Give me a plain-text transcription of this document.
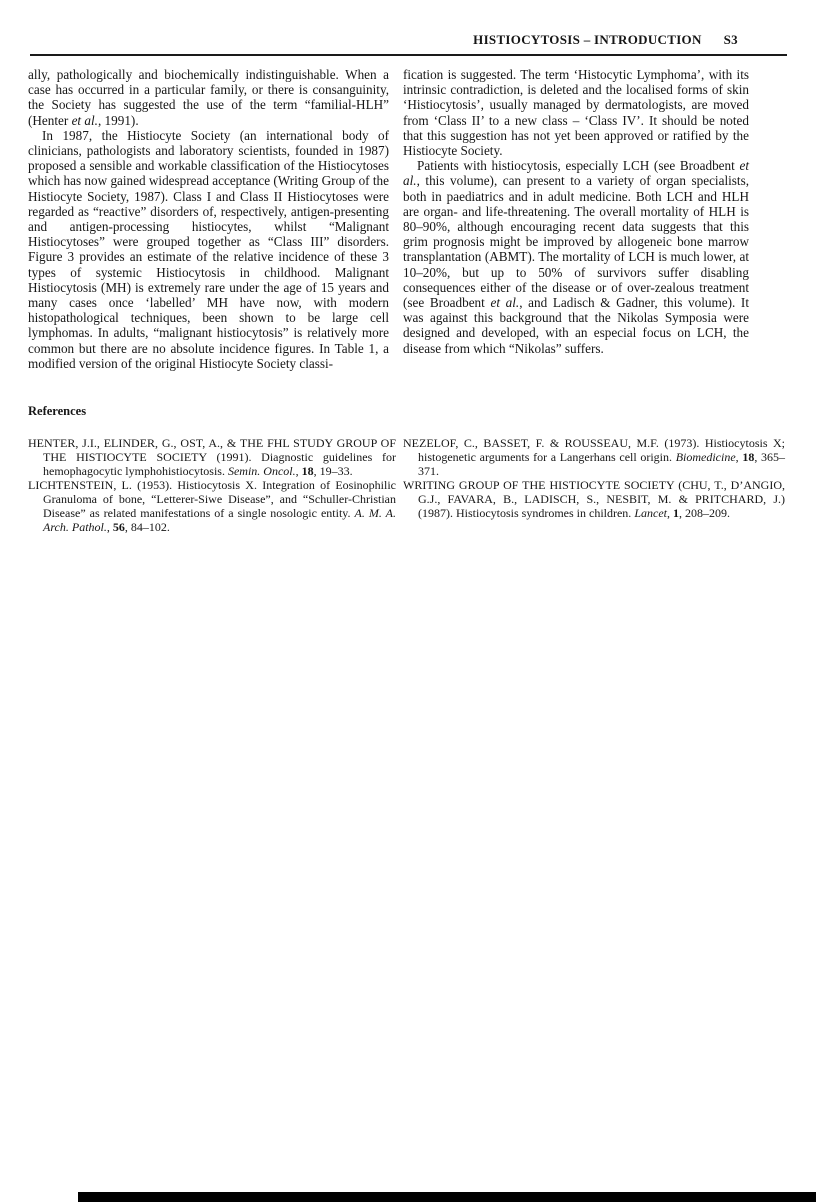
HISTIOCYTOSIS – INTRODUCTION S3

ally, pathologically and biochemically indistinguishable. When a case has occurred in a particular family, or there is consanguinity, the Society has suggested the use of the term “familial-HLH” (Henter et al., 1991).

In 1987, the Histiocyte Society (an international body of clinicians, pathologists and laboratory scientists, founded in 1987) proposed a sensible and workable classification of the Histiocytoses which has now gained widespread acceptance (Writing Group of the Histiocyte Society, 1987). Class I and Class II Histiocytoses were regarded as “reactive” disorders of, respectively, antigen-presenting and antigen-processing histiocytes, whilst “Malignant Histiocytoses” were grouped together as “Class III” disorders. Figure 3 provides an estimate of the relative incidence of these 3 types of systemic Histiocytosis in childhood. Malignant Histiocytosis (MH) is extremely rare under the age of 15 years and many cases once ‘labelled’ MH have now, with modern histopathological techniques, been shown to be large cell lymphomas. In adults, “malignant histiocytosis” is relatively more common but there are no absolute incidence figures. In Table 1, a modified version of the original Histiocyte Society classi-

fication is suggested. The term ‘Histocytic Lymphoma’, with its intrinsic contradiction, is deleted and the localised forms of skin ‘Histiocytosis’, usually managed by dermatologists, are moved from ‘Class II’ to a new class – ‘Class IV’. It should be noted that this suggestion has not yet been approved or ratified by the Histiocyte Society.

Patients with histiocytosis, especially LCH (see Broadbent et al., this volume), can present to a variety of organ specialists, both in paediatrics and in adult medicine. Both LCH and HLH are organ- and life-threatening. The overall mortality of HLH is 80–90%, although encouraging recent data suggests that this grim prognosis might be improved by allogeneic bone marrow transplantation (ABMT). The mortality of LCH is much lower, at 10–20%, but up to 50% of survivors suffer disabling consequences either of the disease or of over-zealous treatment (see Broadbent et al., and Ladisch & Gadner, this volume). It was against this background that the Nikolas Symposia were designed and developed, with an especial focus on LCH, the disease from which “Nikolas” suffers.

References

HENTER, J.I., ELINDER, G., OST, A., & THE FHL STUDY GROUP OF THE HISTIOCYTE SOCIETY (1991). Diagnostic guidelines for hemophagocytic lymphohistiocytosis. Semin. Oncol., 18, 19–33.

LICHTENSTEIN, L. (1953). Histiocytosis X. Integration of Eosinophilic Granuloma of bone, “Letterer-Siwe Disease”, and “Schuller-Christian Disease” as related manifestations of a single nosologic entity. A. M. A. Arch. Pathol., 56, 84–102.

NEZELOF, C., BASSET, F. & ROUSSEAU, M.F. (1973). Histiocytosis X; histogenetic arguments for a Langerhans cell origin. Biomedicine, 18, 365–371.

WRITING GROUP OF THE HISTIOCYTE SOCIETY (CHU, T., D’ANGIO, G.J., FAVARA, B., LADISCH, S., NESBIT, M. & PRITCHARD, J.) (1987). Histiocytosis syndromes in children. Lancet, 1, 208–209.
